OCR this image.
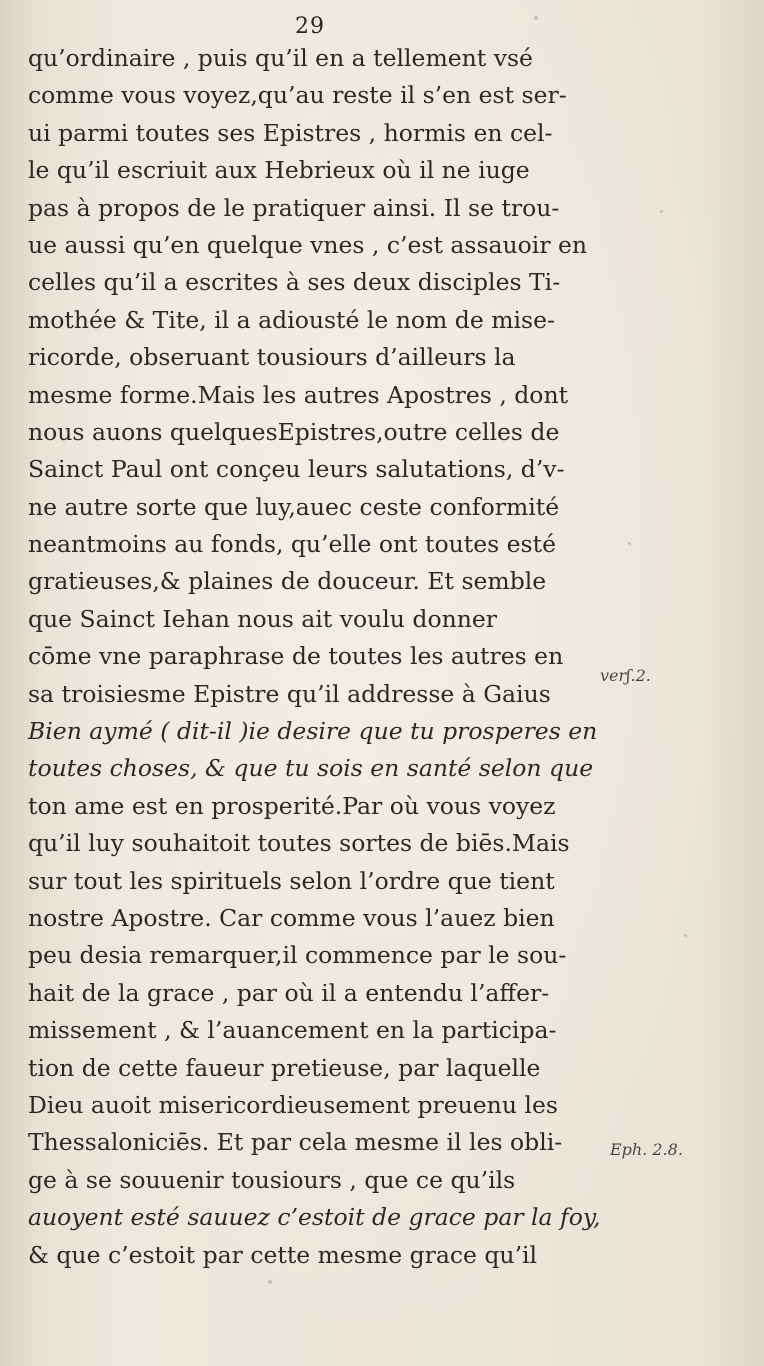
29
qu’ordinaire , puis qu’il en a tellement vsé
comme vous voyez,qu’au reste il s’en est ser-
ui parmi toutes ses Epistres , hormis en cel-
le qu’il escriuit aux Hebrieux où il ne iuge
pas à propos de le pratiquer ainsi. Il se trou-
ue aussi qu’en quelque vnes , c’est assauoir en
celles qu’il a escrites à ses deux disciples Ti-
mothée & Tite, il a adiousté le nom de mise-
ricorde, obseruant tousiours d’ailleurs la
mesme forme.Mais les autres Apostres , dont
nous auons quelquesEpistres,outre celles de
Sainct Paul ont conçeu leurs salutations, d’v-
ne autre sorte que luy,auec ceste conformité
neantmoins au fonds, qu’elle ont toutes esté
gratieuses,& plaines de douceur. Et semble
que Sainct Iehan nous ait voulu donner
cōme vne paraphrase de toutes les autres en
sa troisiesme Epistre qu’il addresse à Gaius
Bien aymé ( dit-il )ie desire que tu prosperes en
toutes choses, & que tu sois en santé selon que
ton ame est en prosperité.Par où vous voyez
qu’il luy souhaitoit toutes sortes de biēs.Mais
sur tout les spirituels selon l’ordre que tient
nostre Apostre. Car comme vous l’auez bien
peu desia remarquer,il commence par le sou-
hait de la grace , par où il a entendu l’affer-
missement , & l’auancement en la participa-
tion de cette faueur pretieuse, par laquelle
Dieu auoit misericordieusement preuenu les
Thessaloniciēs. Et par cela mesme il les obli-
ge à se souuenir tousiours , que ce qu’ils
auoyent esté sauuez c’estoit de grace par la foy,
& que c’estoit par cette mesme grace qu’il
verʃ.2.
Eph. 2.8.
